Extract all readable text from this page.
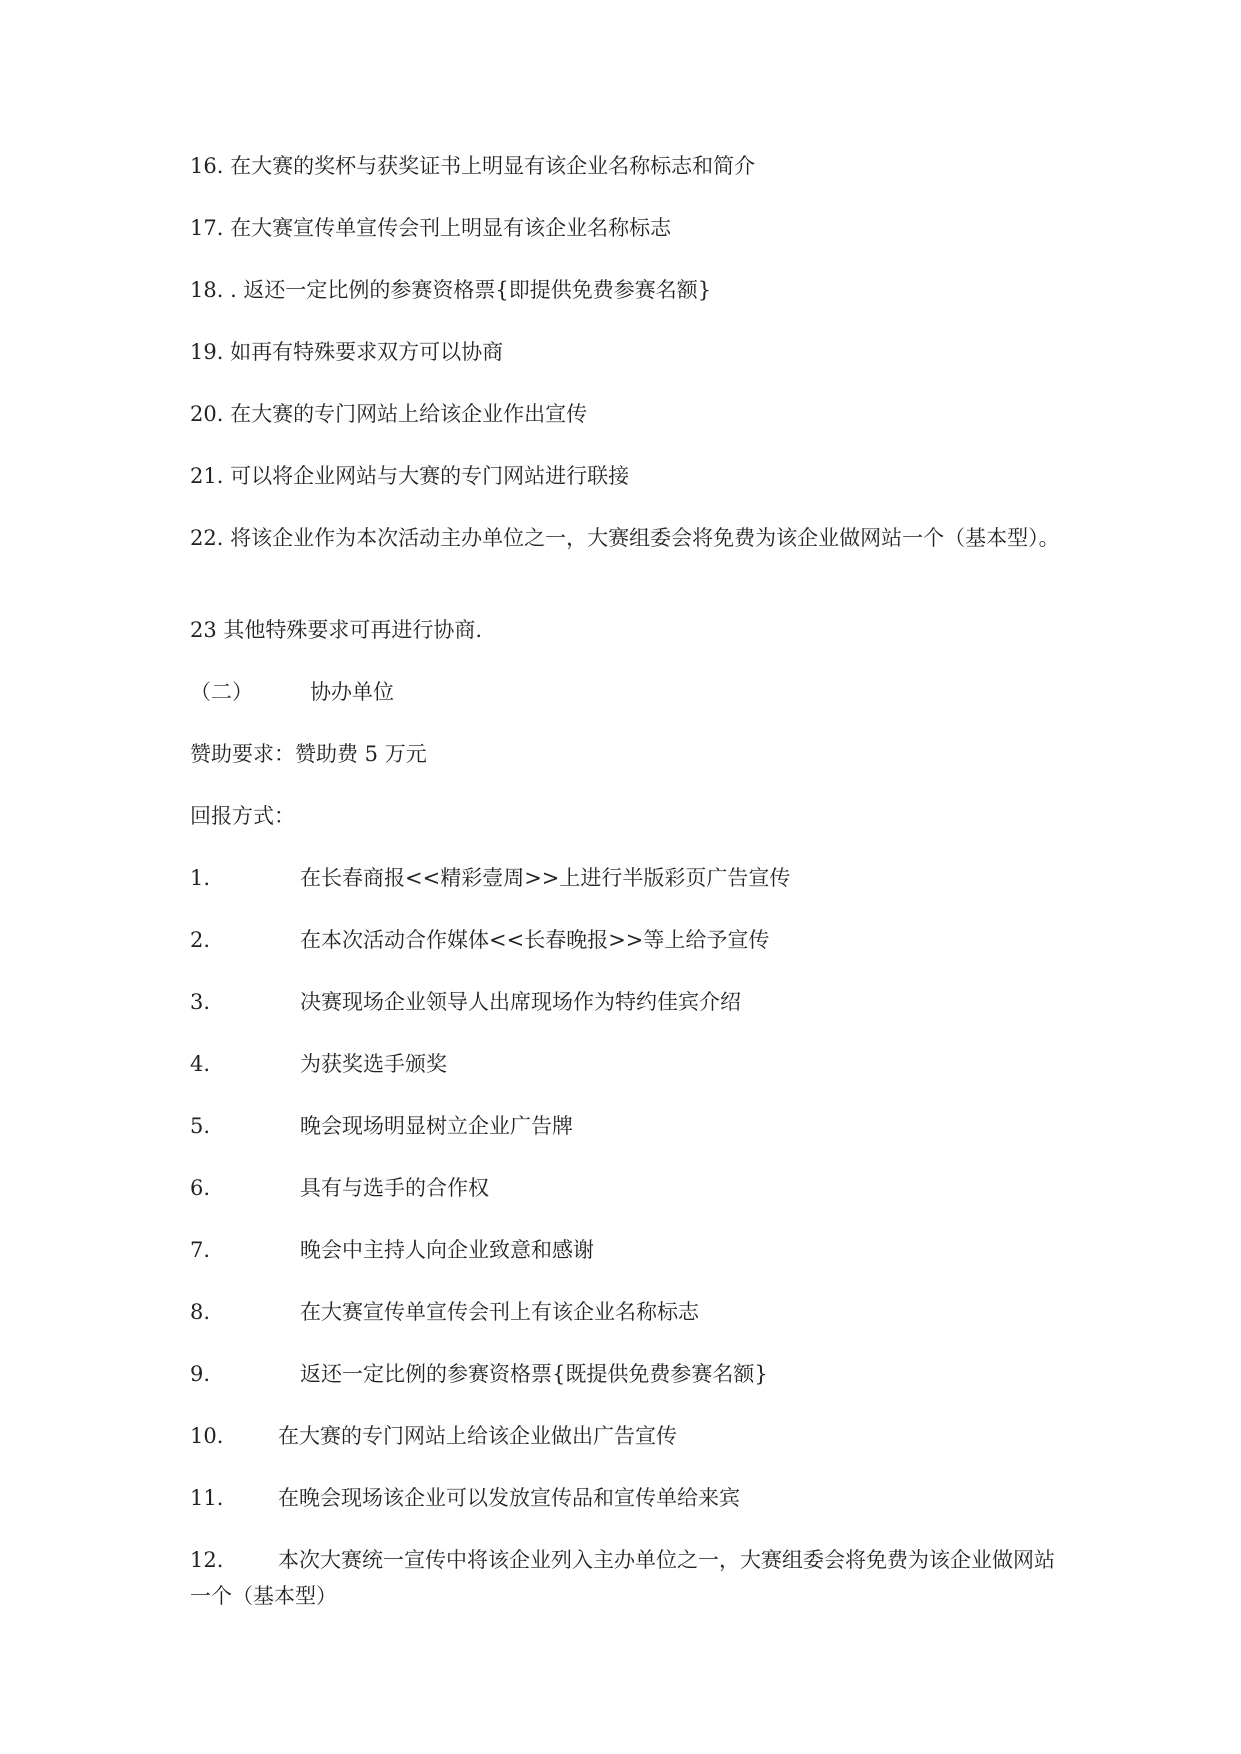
16. 在大赛的奖杯与获奖证书上明显有该企业名称标志和简介
17. 在大赛宣传单宣传会刊上明显有该企业名称标志
18. . 返还一定比例的参赛资格票{即提供免费参赛名额}
19. 如再有特殊要求双方可以协商
20. 在大赛的专门网站上给该企业作出宣传
21. 可以将企业网站与大赛的专门网站进行联接
22. 将该企业作为本次活动主办单位之一，大赛组委会将免费为该企业做网站一个（基本型）。
23 其他特殊要求可再进行协商.
（二）	协办单位
赞助要求：赞助费 5 万元
回报方式：
1.	在长春商报<<精彩壹周>>上进行半版彩页广告宣传
2.	在本次活动合作媒体<<长春晚报>>等上给予宣传
3.	决赛现场企业领导人出席现场作为特约佳宾介绍
4.	为获奖选手颁奖
5.	晚会现场明显树立企业广告牌
6.	具有与选手的合作权
7.	晚会中主持人向企业致意和感谢
8.	在大赛宣传单宣传会刊上有该企业名称标志
9.	返还一定比例的参赛资格票{既提供免费参赛名额}
10.	在大赛的专门网站上给该企业做出广告宣传
11.	在晚会现场该企业可以发放宣传品和宣传单给来宾
12.	本次大赛统一宣传中将该企业列入主办单位之一，大赛组委会将免费为该企业做网站一个（基本型）
